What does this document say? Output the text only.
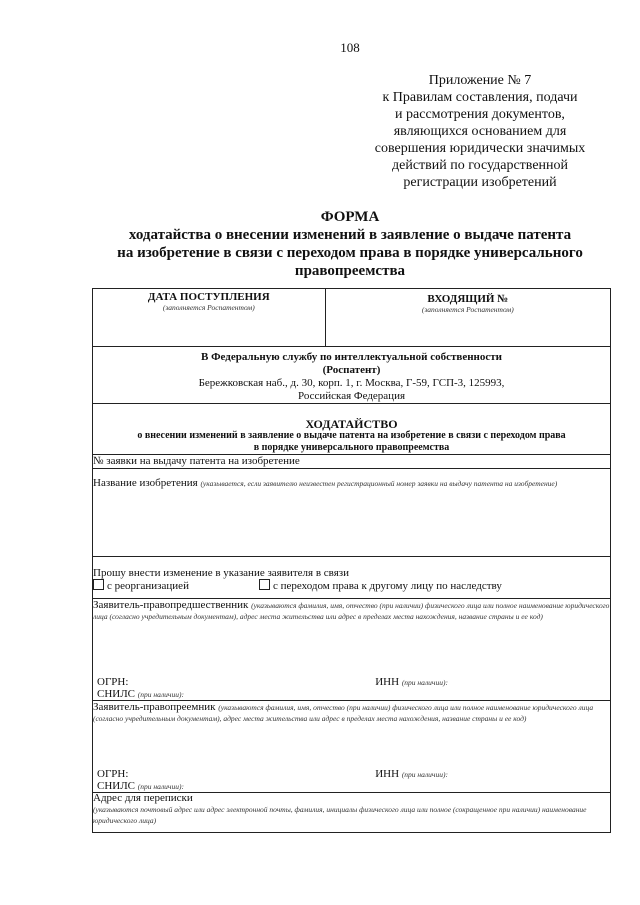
108
Приложение № 7
к Правилам составления, подачи
и рассмотрения документов,
являющихся основанием для
совершения юридически значимых
действий по государственной
регистрации изобретений
ФОРМА
ходатайства о внесении изменений в заявление о выдаче патента
на изобретение в связи с переходом права в порядке универсального
правопреемства
ДАТА ПОСТУПЛЕНИЯ
(заполняется Роспатентом)

ВХОДЯЩИЙ №
(заполняется Роспатентом)

В Федеральную службу по интеллектуальной собственности
(Роспатент)
Бережковская наб., д. 30, корп. 1, г. Москва, Г-59, ГСП-3, 125993,
Российская Федерация

ХОДАТАЙСТВО
о внесении изменений в заявление о выдаче патента на изобретение в связи с переходом права
в порядке универсального правопреемства

№ заявки на выдачу патента на изобретение
Название изобретения (указывается, если заявителю неизвестен регистрационный номер заявки на выдачу патента на изобретение)

Прошу внести изменение в указание заявителя в связи
с реорганизацией	с переходом права к другому лицу по наследству

Заявитель-правопредшественник (указываются фамилия, имя, отчество (при наличии) физического лица или полное наименование юридического лица (согласно учредительным документам), адрес места жительства или адрес в пределах места нахождения, название страны и ее код)
ОГРН:	ИНН (при наличии):
СНИЛС (при наличии):

Заявитель-правопреемник (указываются фамилия, имя, отчество (при наличии) физического лица или полное наименование юридического лица (согласно учредительным документам), адрес места жительства или адрес в пределах места нахождения, название страны и ее код)
ОГРН:	ИНН (при наличии):
СНИЛС (при наличии):

Адрес для переписки
(указываются почтовый адрес или адрес электронной почты, фамилия, инициалы физического лица или полное (сокращенное при наличии) наименование юридического лица)
